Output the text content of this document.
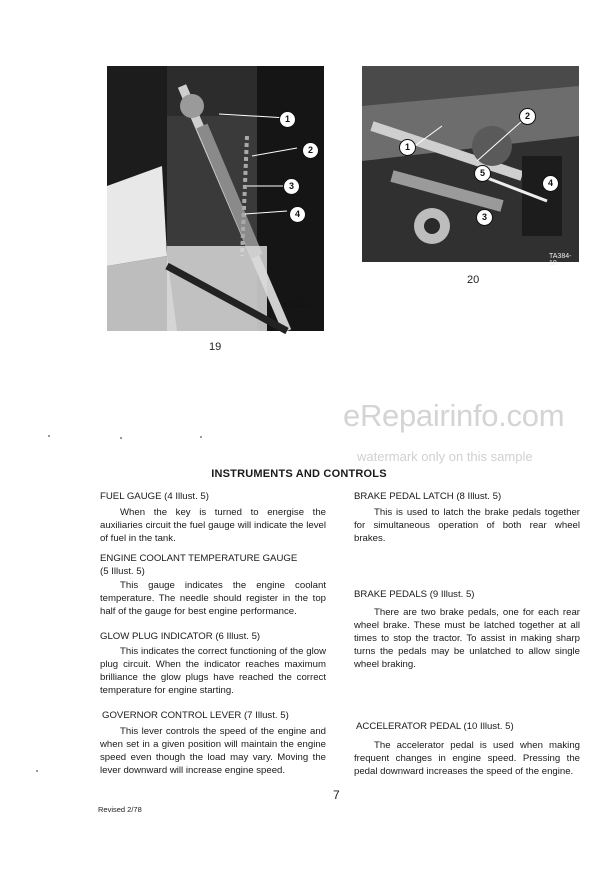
1
2
3
4
TA384-17
19
2
1
5
4
3
TA384-18
20
eRepairinfo.com
watermark only on this sample
INSTRUMENTS AND CONTROLS
FUEL GAUGE (4 Illust. 5)
When the key is turned to energise the auxiliaries circuit the fuel gauge will indicate the level of fuel in the tank.
ENGINE COOLANT TEMPERATURE GAUGE
(5 Illust. 5)
This gauge indicates the engine coolant temperature. The needle should register in the top half of the gauge for best engine performance.
GLOW PLUG INDICATOR (6 Illust. 5)
This indicates the correct functioning of the glow plug circuit. When the indicator reaches maximum brilliance the glow plugs have reached the correct temperature for engine starting.
GOVERNOR CONTROL LEVER (7 Illust. 5)
This lever controls the speed of the engine and when set in a given position will maintain the engine speed even though the load may vary. Moving the lever downward will increase engine speed.
BRAKE PEDAL LATCH (8 Illust. 5)
This is used to latch the brake pedals together for simultaneous operation of both rear wheel brakes.
BRAKE PEDALS (9 Illust. 5)
There are two brake pedals, one for each rear wheel brake. These must be latched together at all times to stop the tractor. To assist in making sharp turns the pedals may be unlatched to allow single wheel braking.
ACCELERATOR PEDAL (10 Illust. 5)
The accelerator pedal is used when making frequent changes in engine speed. Pressing the pedal downward increases the speed of the engine.
7
Revised 2/78
